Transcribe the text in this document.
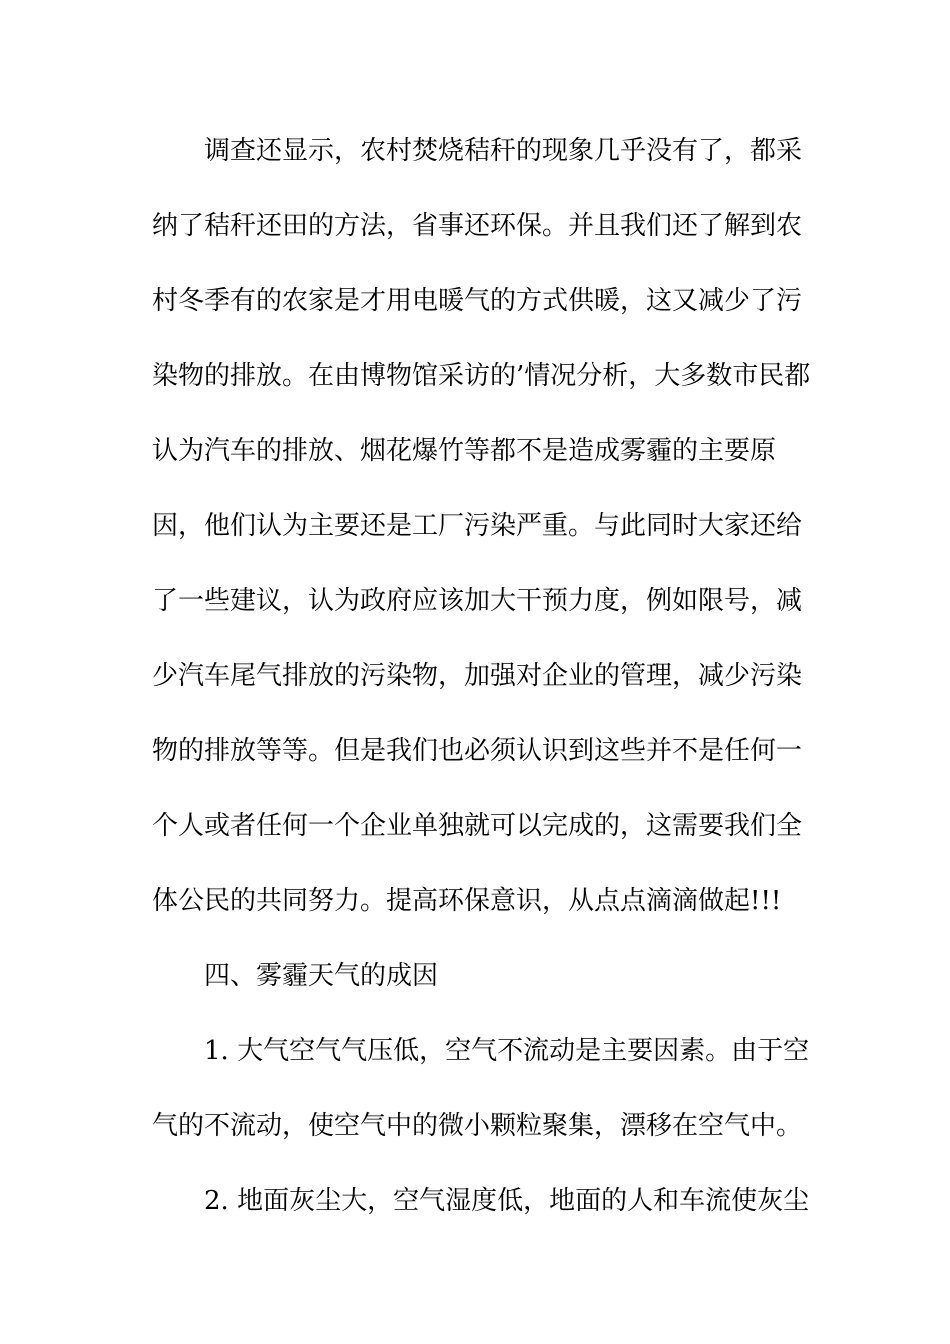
调查还显示，农村焚烧秸秆的现象几乎没有了，都采
纳了秸秆还田的方法，省事还环保。并且我们还了解到农
村冬季有的农家是才用电暖气的方式供暖，这又减少了污
染物的排放。在由博物馆采访的’情况分析，大多数市民都
认为汽车的排放、烟花爆竹等都不是造成雾霾的主要原
因，他们认为主要还是工厂污染严重。与此同时大家还给
了一些建议，认为政府应该加大干预力度，例如限号，减
少汽车尾气排放的污染物，加强对企业的管理，减少污染
物的排放等等。但是我们也必须认识到这些并不是任何一
个人或者任何一个企业单独就可以完成的，这需要我们全
体公民的共同努力。提高环保意识，从点点滴滴做起!!!
四、雾霾天气的成因
1. 大气空气气压低，空气不流动是主要因素。由于空
气的不流动，使空气中的微小颗粒聚集，漂移在空气中。
2. 地面灰尘大，空气湿度低，地面的人和车流使灰尘
